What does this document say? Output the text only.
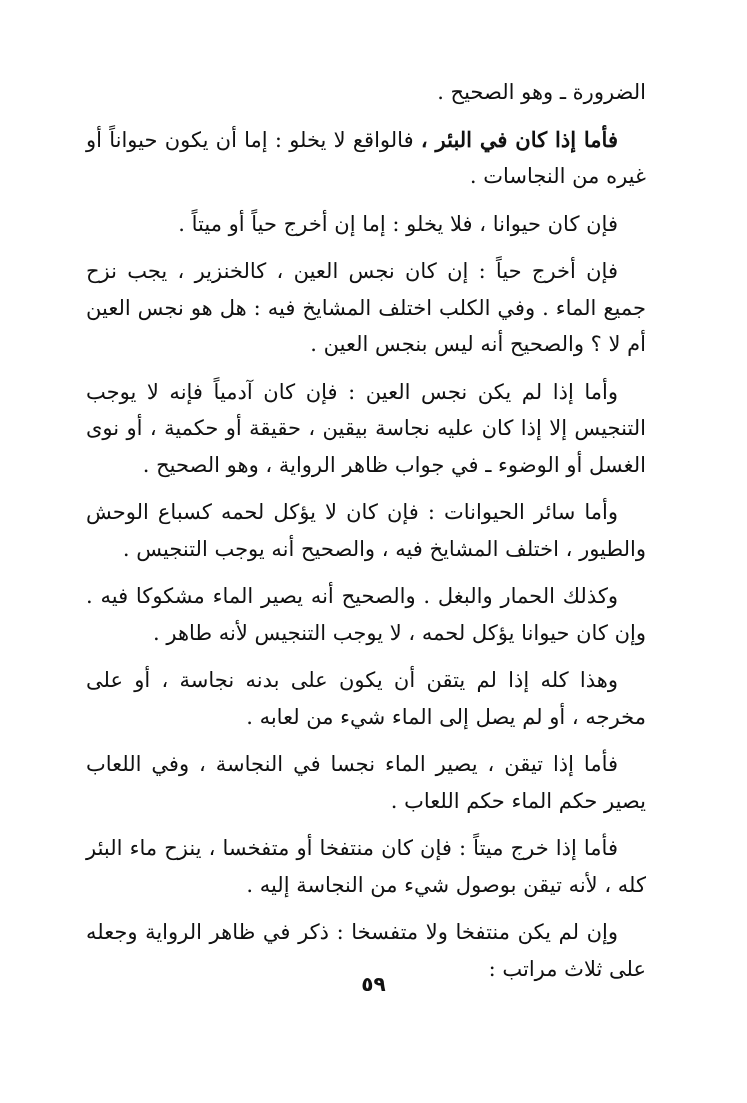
الضرورة ـ وهو الصحيح .

فأما إذا كان في البئر ، فالواقع لا يخلو : إما أن يكون حيواناً أو غيره من النجاسات .

فإن كان حيوانا ، فلا يخلو : إما إن أخرج حياً أو ميتاً .

فإن أخرج حياً : إن كان نجس العين ، كالخنزير ، يجب نزح جميع الماء . وفي الكلب اختلف المشايخ فيه : هل هو نجس العين أم لا ؟ والصحيح أنه ليس بنجس العين .

وأما إذا لم يكن نجس العين : فإن كان آدمياً فإنه لا يوجب التنجيس إلا إذا كان عليه نجاسة بيقين ، حقيقة أو حكمية ، أو نوى الغسل أو الوضوء ـ في جواب ظاهر الرواية ، وهو الصحيح .

وأما سائر الحيوانات : فإن كان لا يؤكل لحمه كسباع الوحش والطيور ، اختلف المشايخ فيه ، والصحيح أنه يوجب التنجيس .

وكذلك الحمار والبغل . والصحيح أنه يصير الماء مشكوكا فيه . وإن كان حيوانا يؤكل لحمه ، لا يوجب التنجيس لأنه طاهر .

وهذا كله إذا لم يتقن أن يكون على بدنه نجاسة ، أو على مخرجه ، أو لم يصل إلى الماء شيء من لعابه .

فأما إذا تيقن ، يصير الماء نجسا في النجاسة ، وفي اللعاب يصير حكم الماء حكم اللعاب .

فأما إذا خرج ميتاً : فإن كان منتفخا أو متفخسا ، ينزح ماء البئر كله ، لأنه تيقن بوصول شيء من النجاسة إليه .

وإن لم يكن منتفخا ولا متفسخا : ذكر في ظاهر الرواية وجعله على ثلاث مراتب :

٥٩
